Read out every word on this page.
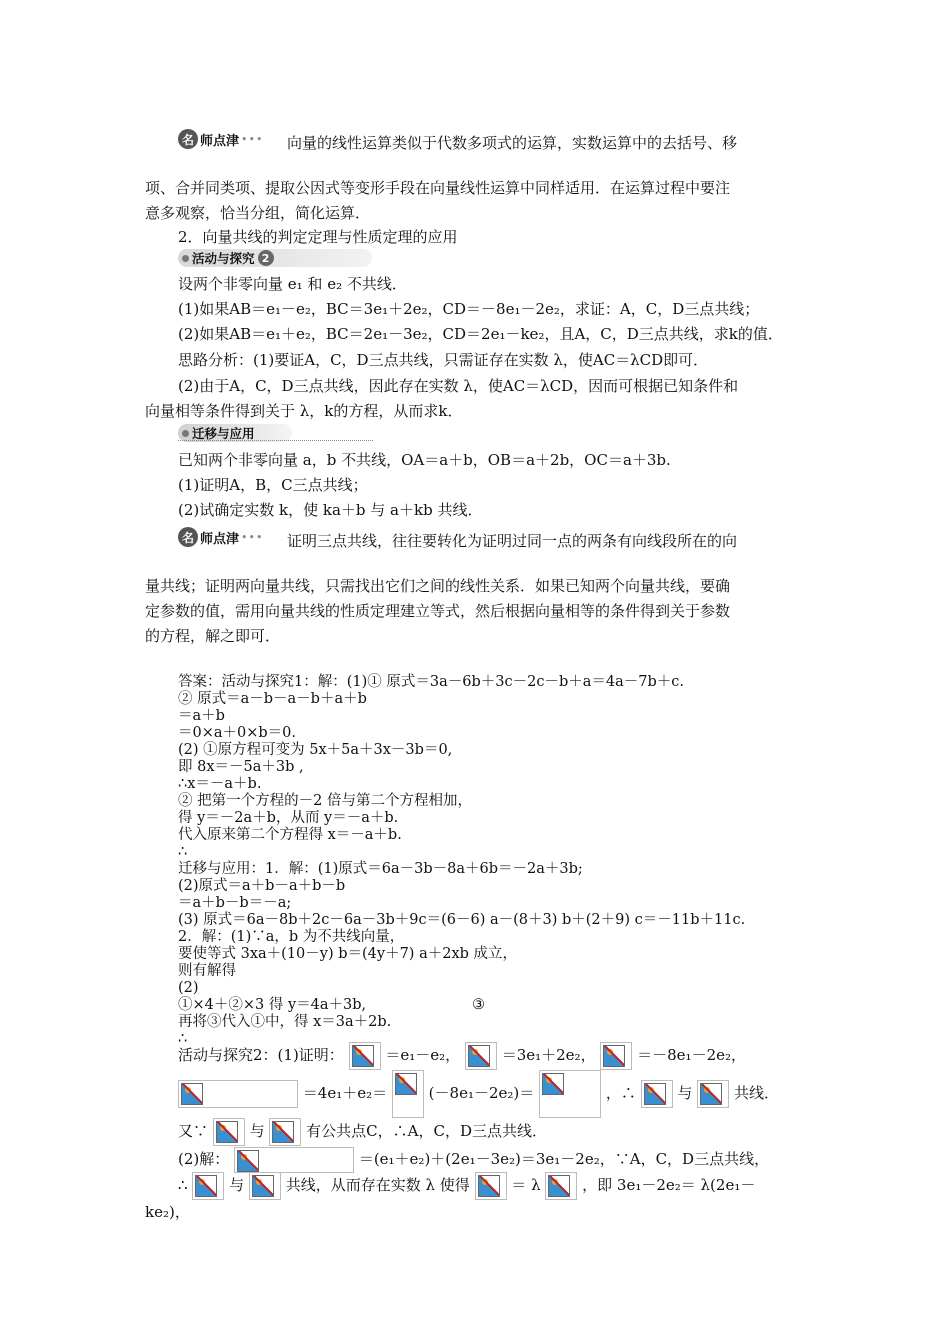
名 师点津 ••• 向量的线性运算类似于代数多项式的运算，实数运算中的去括号、移
项、合并同类项、提取公因式等变形手段在向量线性运算中同样适用．在运算过程中要注
意多观察，恰当分组，简化运算．
2．向量共线的判定定理与性质定理的应用
活动与探究 2
设两个非零向量 e₁ 和 e₂ 不共线．
(1)如果AB＝e₁－e₂，BC＝3e₁＋2e₂，CD＝－8e₁－2e₂，求证：A，C，D三点共线；
(2)如果AB＝e₁＋e₂，BC＝2e₁－3e₂，CD＝2e₁－ke₂，且A，C，D三点共线，求k的值．
思路分析：(1)要证A，C，D三点共线，只需证存在实数 λ，使AC＝λCD即可．
(2)由于A，C，D三点共线，因此存在实数 λ，使AC＝λCD，因而可根据已知条件和
向量相等条件得到关于 λ，k的方程，从而求k．
迁移与应用
已知两个非零向量 a，b 不共线，OA＝a＋b，OB＝a＋2b，OC＝a＋3b.
(1)证明A，B，C三点共线；
(2)试确定实数 k，使 ka＋b 与 a＋kb 共线．
名 师点津 ••• 证明三点共线，往往要转化为证明过同一点的两条有向线段所在的向
量共线；证明两向量共线，只需找出它们之间的线性关系．如果已知两个向量共线，要确
定参数的值，需用向量共线的性质定理建立等式，然后根据向量相等的条件得到关于参数
的方程，解之即可．
答案：活动与探究1：解：(1)① 原式＝3a－6b＋3c－2c－b＋a＝4a－7b＋c.
② 原式＝a－b－a－b＋a＋b
＝a＋b
＝0×a＋0×b＝0.
(2) ①原方程可变为 5x＋5a＋3x－3b＝0,
即 8x＝－5a＋3b ,
∴x＝－a＋b.
② 把第一个方程的－2 倍与第二个方程相加，
得 y＝－2a＋b，从而 y＝－a＋b.
代入原来第二个方程得 x＝－a＋b.
∴
迁移与应用：1．解：(1)原式＝6a－3b－8a＋6b＝－2a＋3b;
(2)原式＝a＋b－a＋b－b
＝a＋b－b＝－a;
(3) 原式＝6a－8b＋2c－6a－3b＋9c＝(6－6) a－(8＋3) b＋(2＋9) c＝－11b＋11c.
2．解：(1)∵a，b 为不共线向量，
要使等式 3xa＋(10－y) b＝(4y＋7) a＋2xb 成立，
则有解得
(2)
①×4＋②×3 得 y＝4a＋3b,	③
再将③代入①中，得 x＝3a＋2b.
∴
活动与探究2：(1)证明：	＝e₁－e₂，	＝3e₁＋2e₂，	＝－8e₁－2e₂，
＝4e₁＋e₂＝	(－8e₁－2e₂)＝	，∴	与	共线．
又∵	与	有公共点C，∴A，C，D三点共线．
(2)解：	＝(e₁＋e₂)＋(2e₁－3e₂)＝3e₁－2e₂，∵A，C，D三点共线，
∴	与	共线，从而存在实数 λ 使得	＝ λ	，即 3e₁－2e₂＝ λ(2e₁－
ke₂)，
